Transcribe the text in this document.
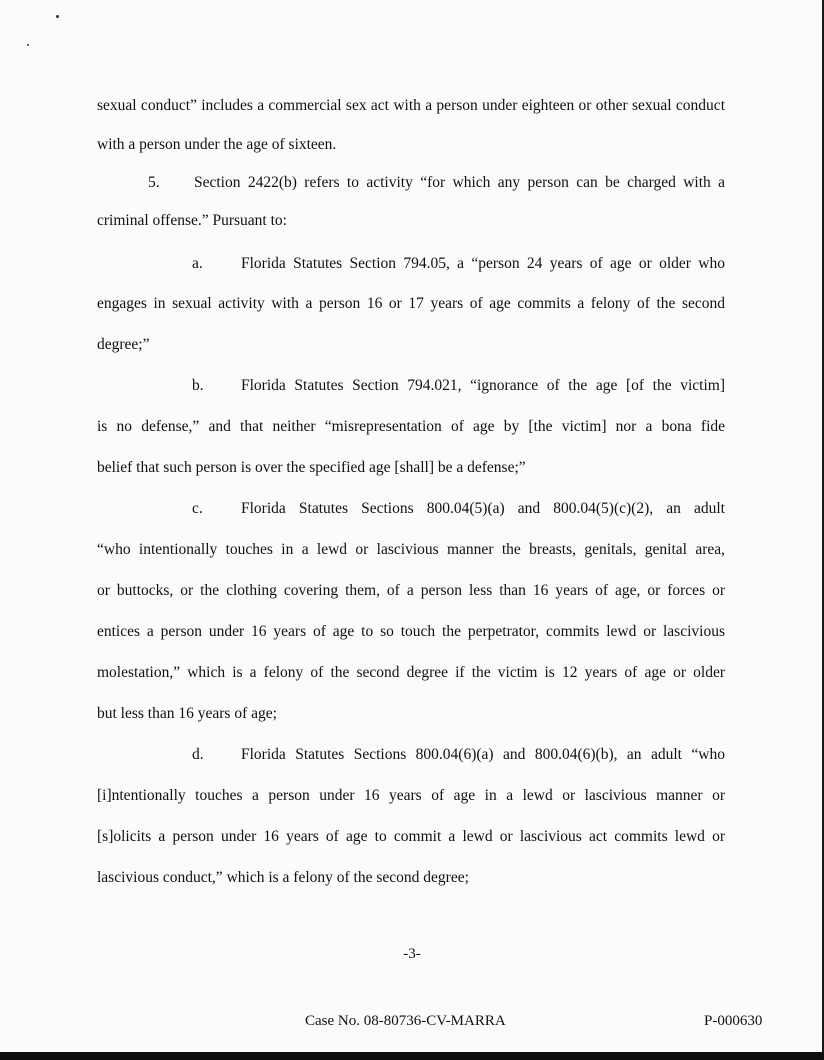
sexual conduct” includes a commercial sex act with a person under eighteen or other sexual conduct
with a person under the age of sixteen.
5. Section 2422(b) refers to activity “for which any person can be charged with a
criminal offense.” Pursuant to:
a. Florida Statutes Section 794.05, a “person 24 years of age or older who
engages in sexual activity with a person 16 or 17 years of age commits a felony of the second
degree;”
b. Florida Statutes Section 794.021, “ignorance of the age [of the victim]
is no defense,” and that neither “misrepresentation of age by [the victim] nor a bona fide
belief that such person is over the specified age [shall] be a defense;”
c. Florida Statutes Sections 800.04(5)(a) and 800.04(5)(c)(2), an adult
“who intentionally touches in a lewd or lascivious manner the breasts, genitals, genital area,
or buttocks, or the clothing covering them, of a person less than 16 years of age, or forces or
entices a person under 16 years of age to so touch the perpetrator, commits lewd or lascivious
molestation,” which is a felony of the second degree if the victim is 12 years of age or older
but less than 16 years of age;
d. Florida Statutes Sections 800.04(6)(a) and 800.04(6)(b), an adult “who
[i]ntentionally touches a person under 16 years of age in a lewd or lascivious manner or
[s]olicits a person under 16 years of age to commit a lewd or lascivious act commits lewd or
lascivious conduct,” which is a felony of the second degree;
-3-
Case No. 08-80736-CV-MARRA	P-000630
